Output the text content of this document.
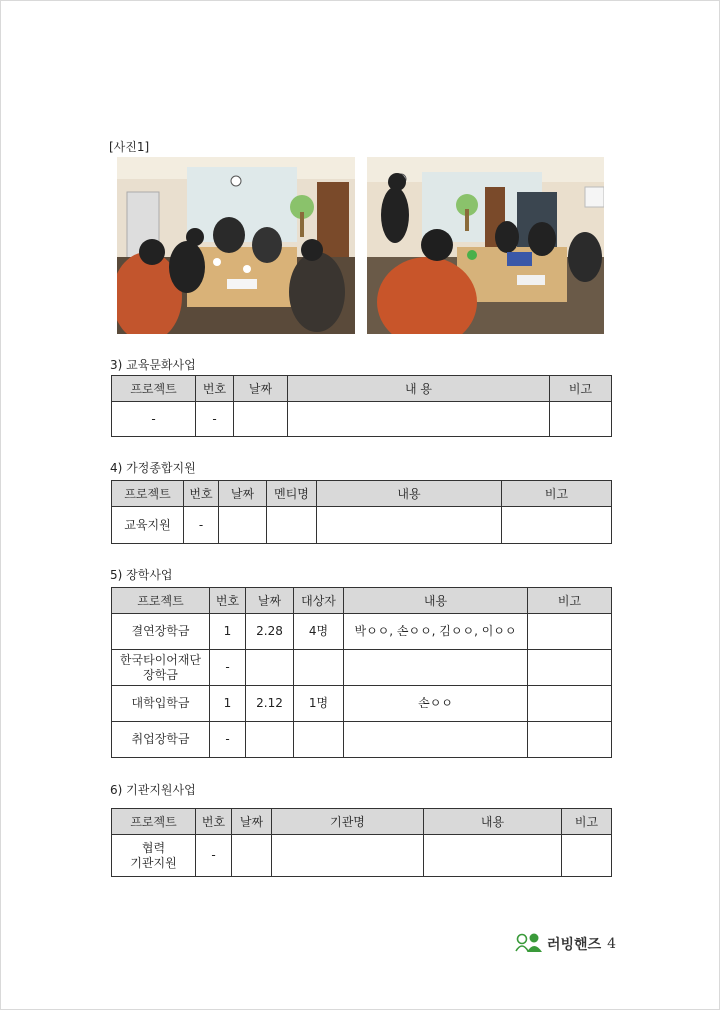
[사진1]
3) 교육문화사업
프로젝트	번호	날짜	내 용	비고
-	-			
4) 가정종합지원
프로젝트	번호	날짜	멘티명	내용	비고
교육지원	-				
5) 장학사업
프로젝트	번호	날짜	대상자	내용	비고
결연장학금	1	2.28	4명	박ㅇㅇ, 손ㅇㅇ, 김ㅇㅇ, 이ㅇㅇ	
한국타이어재단
장학금	-				
대학입학금	1	2.12	1명	손ㅇㅇ	
취업장학금	-				
6) 기관지원사업
프로젝트	번호	날짜	기관명	내용	비고
협력
기관지원	-				
러빙핸즈 4
